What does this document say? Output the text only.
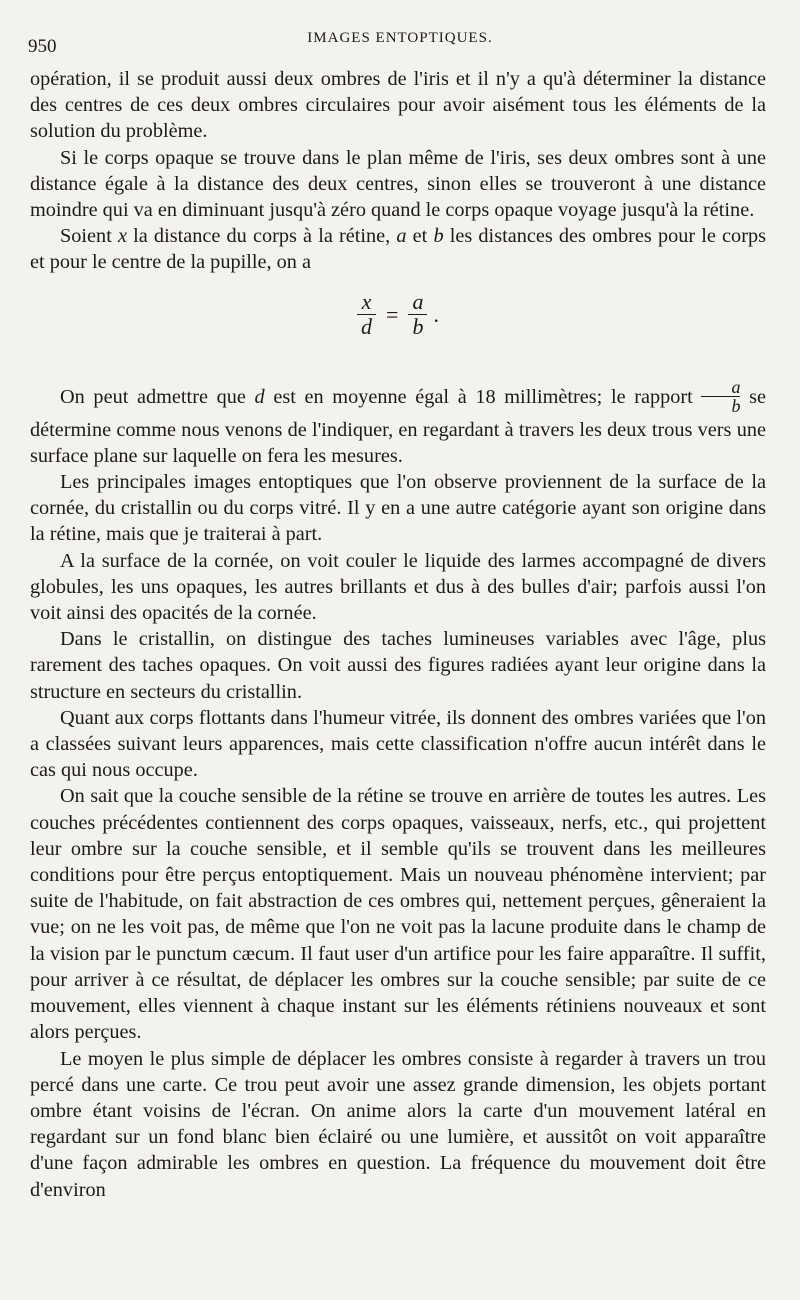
950	IMAGES ENTOPTIQUES.

opération, il se produit aussi deux ombres de l'iris et il n'y a qu'à déterminer la distance des centres de ces deux ombres circulaires pour avoir aisément tous les éléments de la solution du problème.

Si le corps opaque se trouve dans le plan même de l'iris, ses deux ombres sont à une distance égale à la distance des deux centres, sinon elles se trouveront à une distance moindre qui va en diminuant jusqu'à zéro quand le corps opaque voyage jusqu'à la rétine.

Soient x la distance du corps à la rétine, a et b les distances des ombres pour le corps et pour le centre de la pupille, on a

$\frac{x}{d} = \frac{a}{b}$ .

On peut admettre que d est en moyenne égal à 18 millimètres; le rapport $\frac{a}{b}$ se détermine comme nous venons de l'indiquer, en regardant à travers les deux trous vers une surface plane sur laquelle on fera les mesures.

Les principales images entoptiques que l'on observe proviennent de la surface de la cornée, du cristallin ou du corps vitré. Il y en a une autre catégorie ayant son origine dans la rétine, mais que je traiterai à part.

A la surface de la cornée, on voit couler le liquide des larmes accompagné de divers globules, les uns opaques, les autres brillants et dus à des bulles d'air; parfois aussi l'on voit ainsi des opacités de la cornée.

Dans le cristallin, on distingue des taches lumineuses variables avec l'âge, plus rarement des taches opaques. On voit aussi des figures radiées ayant leur origine dans la structure en secteurs du cristallin.

Quant aux corps flottants dans l'humeur vitrée, ils donnent des ombres variées que l'on a classées suivant leurs apparences, mais cette classification n'offre aucun intérêt dans le cas qui nous occupe.

On sait que la couche sensible de la rétine se trouve en arrière de toutes les autres. Les couches précédentes contiennent des corps opaques, vaisseaux, nerfs, etc., qui projettent leur ombre sur la couche sensible, et il semble qu'ils se trouvent dans les meilleures conditions pour être perçus entoptiquement. Mais un nouveau phénomène intervient; par suite de l'habitude, on fait abstraction de ces ombres qui, nettement perçues, gêneraient la vue; on ne les voit pas, de même que l'on ne voit pas la lacune produite dans le champ de la vision par le punctum cæcum. Il faut user d'un artifice pour les faire apparaître. Il suffit, pour arriver à ce résultat, de déplacer les ombres sur la couche sensible; par suite de ce mouvement, elles viennent à chaque instant sur les éléments rétiniens nouveaux et sont alors perçues.

Le moyen le plus simple de déplacer les ombres consiste à regarder à travers un trou percé dans une carte. Ce trou peut avoir une assez grande dimension, les objets portant ombre étant voisins de l'écran. On anime alors la carte d'un mouvement latéral en regardant sur un fond blanc bien éclairé ou une lumière, et aussitôt on voit apparaître d'une façon admirable les ombres en question. La fréquence du mouvement doit être d'environ
